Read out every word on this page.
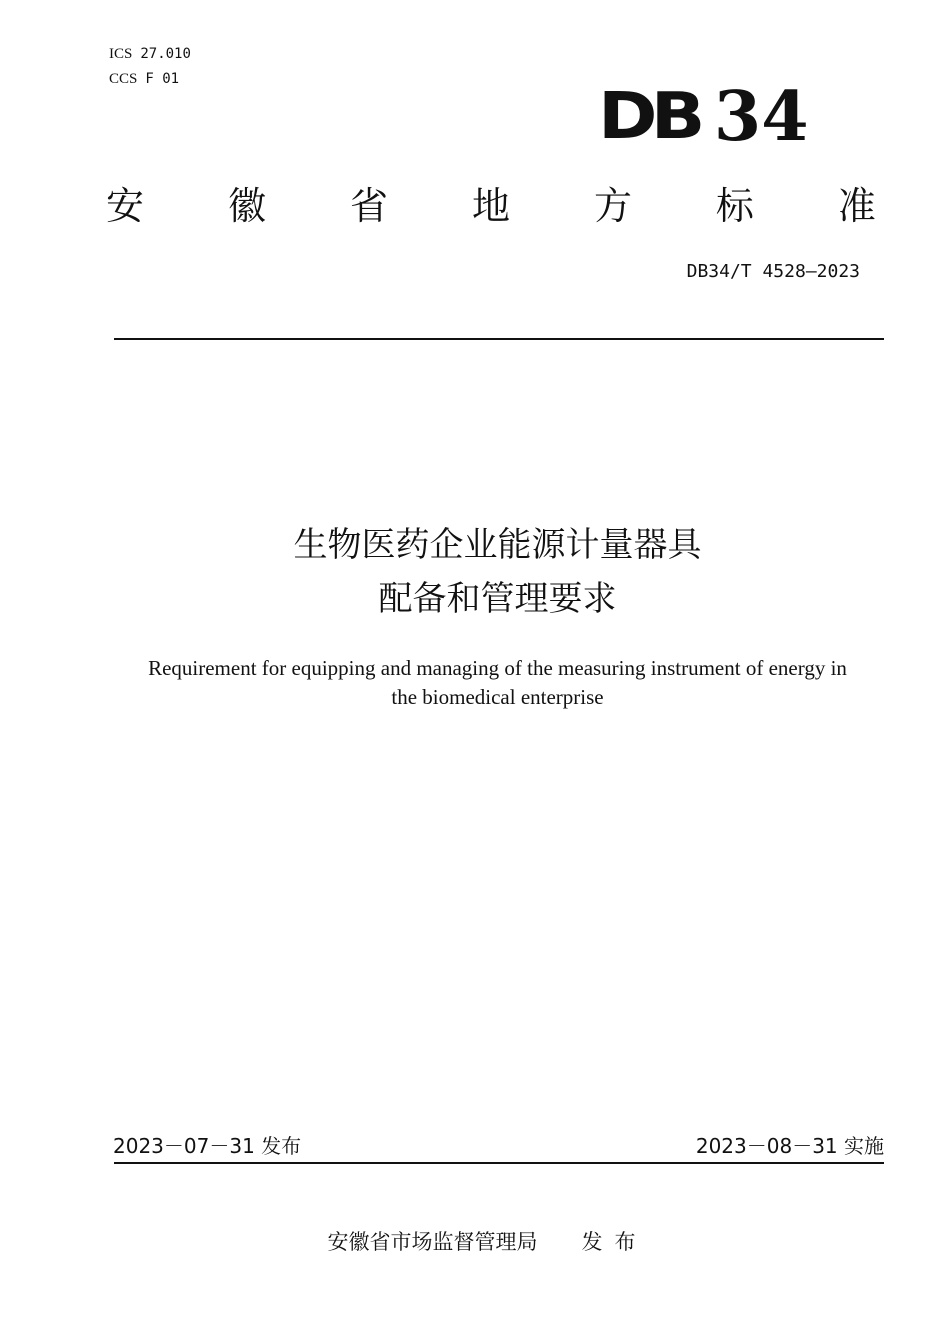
ICS 27.010
CCS F 01
DB 34
安 徽 省 地 方 标 准
DB34/T 4528—2023
生物医药企业能源计量器具
配备和管理要求
Requirement for equipping and managing of the measuring instrument of energy in
the biomedical enterprise
2023－07－31 发布	2023－08－31 实施
安徽省市场监督管理局 发布
